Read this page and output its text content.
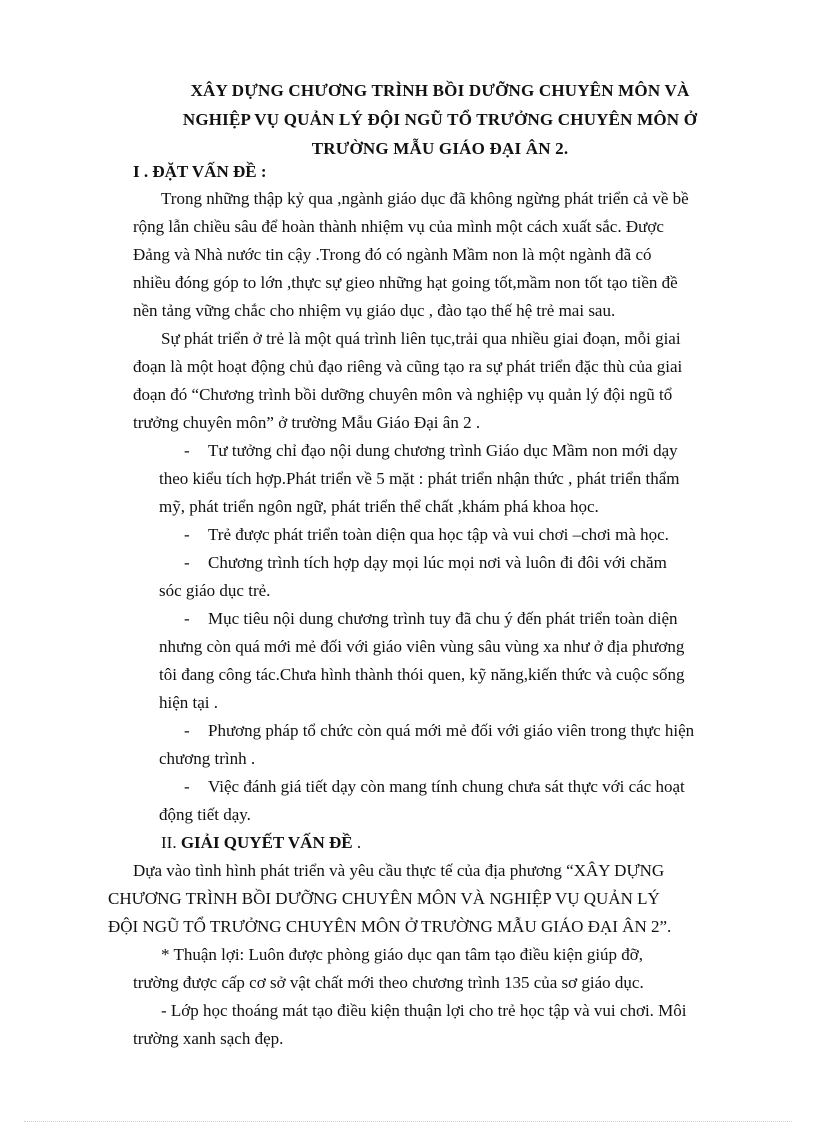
XÂY DỰNG CHƯƠNG TRÌNH BỒI DƯỠNG CHUYÊN MÔN VÀ
NGHIỆP VỤ QUẢN LÝ ĐỘI NGŨ TỔ TRƯỞNG CHUYÊN MÔN Ở
TRƯỜNG MẪU GIÁO ĐẠI ÂN 2.
I . ĐẶT VẤN ĐỀ :
Trong những thập kỷ qua ,ngành giáo dục đã không ngừng phát triển cả về bề
rộng lẫn chiều sâu để hoàn thành nhiệm vụ của mình một cách xuất sắc. Được
Đảng và Nhà nước tin cậy .Trong đó có ngành Mầm non là một ngành đã có
nhiều đóng góp to lớn ,thực sự gieo những hạt going tốt,mầm non tốt tạo tiền đề
nền tảng vững chắc cho nhiệm vụ giáo dục , đào tạo thế hệ trẻ mai sau.
Sự phát triển ở trẻ là một quá trình liên tục,trải qua nhiều giai đoạn, mỗi giai
đoạn là một hoạt động chủ đạo riêng và cũng tạo ra sự phát triển đặc thù của giai
đoạn đó “Chương trình bồi dưỡng chuyên môn và nghiệp vụ quản lý đội ngũ tổ
trưởng chuyên môn” ở trường Mẫu Giáo Đại ân 2 .
- Tư tưởng chỉ đạo nội dung chương trình Giáo dục Mầm non mới dạy
theo kiểu tích hợp.Phát triển về 5 mặt : phát triển nhận thức , phát triển thẩm
mỹ, phát triển ngôn ngữ, phát triển thể chất ,khám phá khoa học.
- Trẻ được phát triển toàn diện qua học tập và vui chơi –chơi mà học.
- Chương trình tích hợp dạy mọi lúc mọi nơi và luôn đi đôi với chăm
sóc giáo dục trẻ.
- Mục tiêu nội dung chương trình tuy đã chu ý đến phát triển toàn diện
nhưng còn quá mới mẻ đối với giáo viên vùng sâu vùng xa như ở địa phương
tôi đang công tác.Chưa hình thành thói quen, kỹ năng,kiến thức và cuộc sống
hiện tại .
- Phương pháp tổ chức còn quá mới mẻ đối với giáo viên trong thực hiện
chương trình .
- Việc đánh giá tiết dạy còn mang tính chung chưa sát thực với các hoạt
động tiết dạy.
II. GIẢI QUYẾT VẤN ĐỀ .
Dựa vào tình hình phát triển và yêu cầu thực tế của địa phương “XÂY DỰNG
CHƯƠNG TRÌNH BỒI DƯỠNG CHUYÊN MÔN VÀ NGHIỆP VỤ QUẢN LÝ
ĐỘI NGŨ TỔ TRƯỞNG CHUYÊN MÔN Ở TRƯỜNG MẪU GIÁO ĐẠI ÂN 2”.
* Thuận lợi: Luôn được phòng giáo dục qan tâm tạo điều kiện giúp đỡ,
trường được cấp cơ sở vật chất mới theo chương trình 135 của sơ giáo dục.
- Lớp học thoáng mát tạo điều kiện thuận lợi cho trẻ học tập và vui chơi. Môi
trường xanh sạch đẹp.
